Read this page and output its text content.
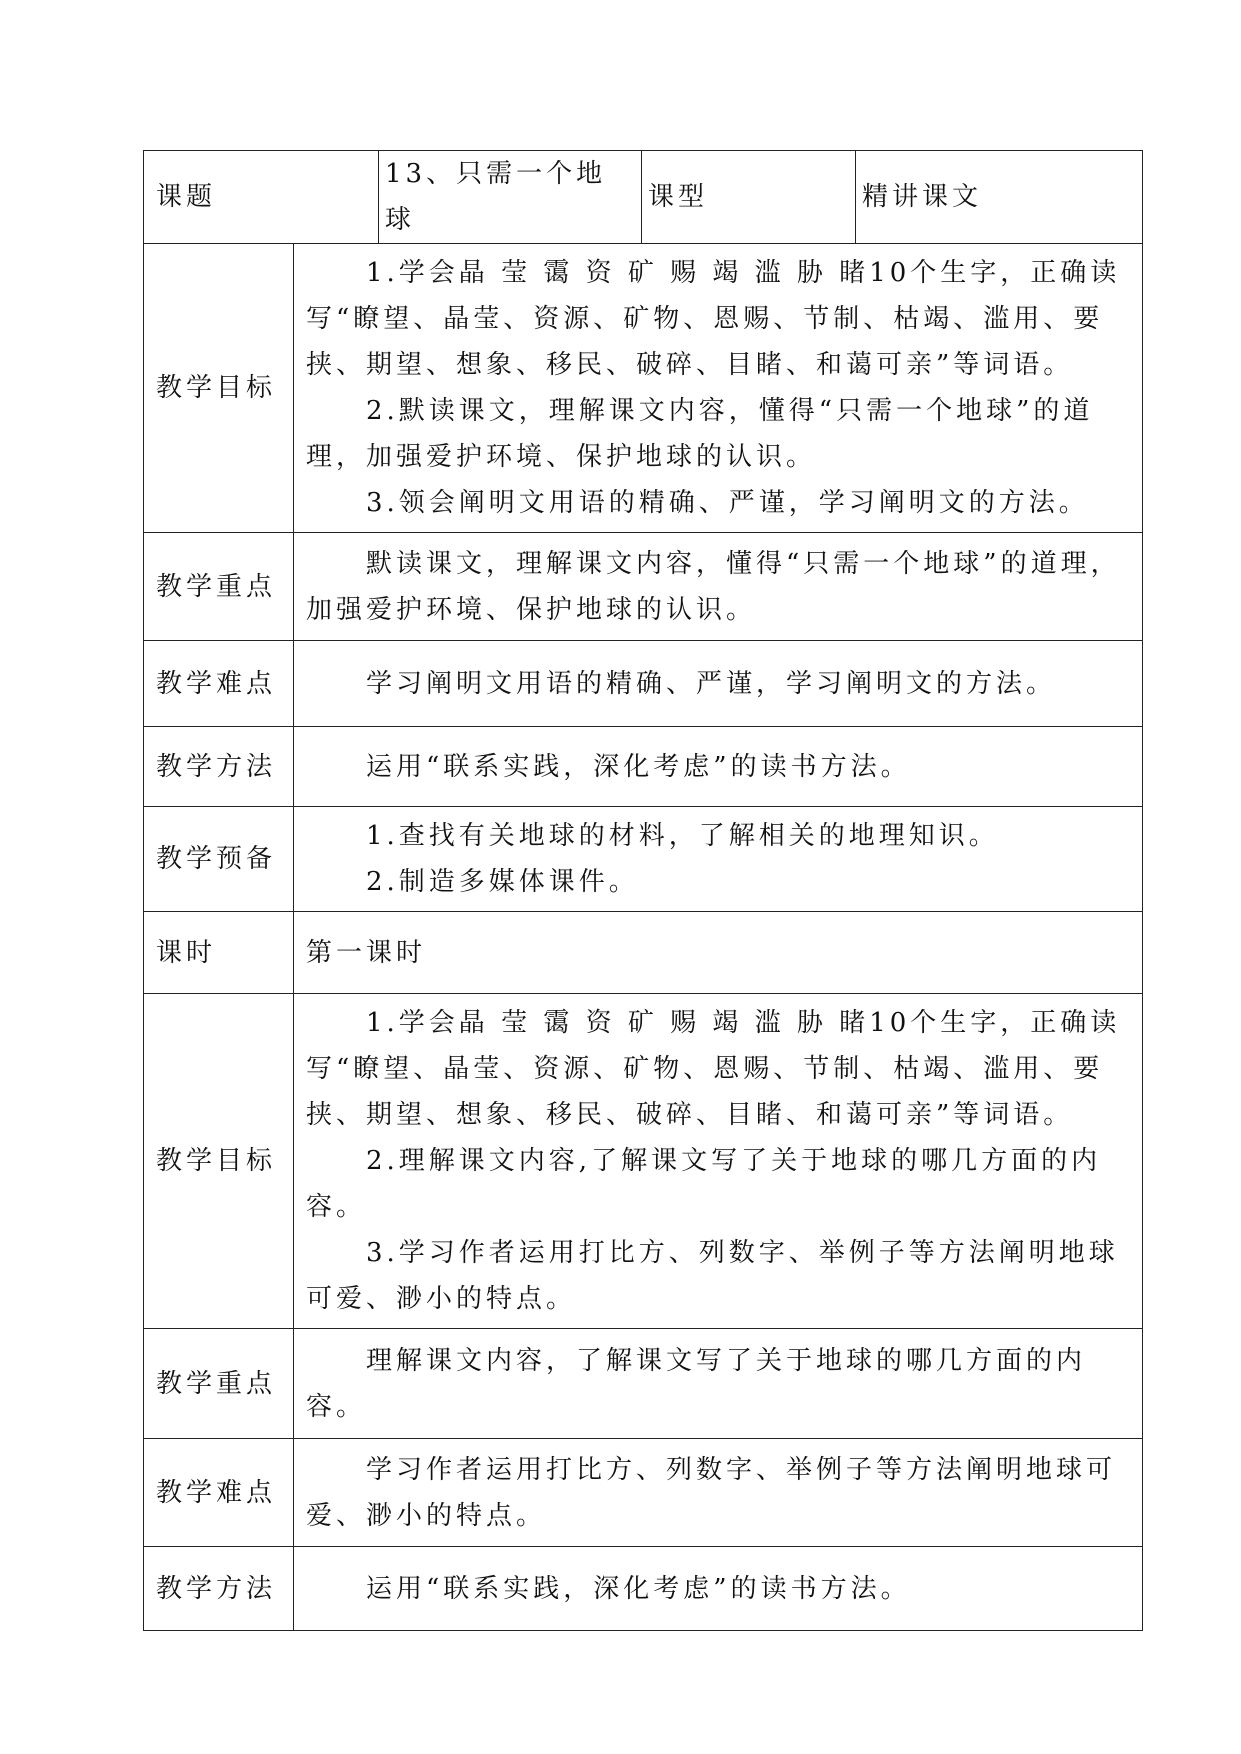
课题		13、只需一个地球	课型	精讲课文
教学目标	1.学会晶 莹 霭 资 矿 赐 竭 滥 胁 睹10个生字，正确读写“瞭望、晶莹、资源、矿物、恩赐、节制、枯竭、滥用、要挟、期望、想象、移民、破碎、目睹、和蔼可亲”等词语。

2.默读课文，理解课文内容，懂得“只需一个地球”的道理，加强爱护环境、保护地球的认识。

3.领会阐明文用语的精确、严谨，学习阐明文的方法。			

教学重点	默读课文，理解课文内容，懂得“只需一个地球”的道理，加强爱护环境、保护地球的认识。			

教学难点	学习阐明文用语的精确、严谨，学习阐明文的方法。			

教学方法	运用“联系实践，深化考虑”的读书方法。			

教学预备	1.查找有关地球的材料，了解相关的地理知识。

2.制造多媒体课件。			

课时	第一课时			
教学目标	1.学会晶 莹 霭 资 矿 赐 竭 滥 胁 睹10个生字，正确读写“瞭望、晶莹、资源、矿物、恩赐、节制、枯竭、滥用、要挟、期望、想象、移民、破碎、目睹、和蔼可亲”等词语。

2.理解课文内容,了解课文写了关于地球的哪几方面的内容。

3.学习作者运用打比方、列数字、举例子等方法阐明地球可爱、渺小的特点。			

教学重点	理解课文内容，了解课文写了关于地球的哪几方面的内容。			

教学难点	学习作者运用打比方、列数字、举例子等方法阐明地球可爱、渺小的特点。			

教学方法	运用“联系实践，深化考虑”的读书方法。			
